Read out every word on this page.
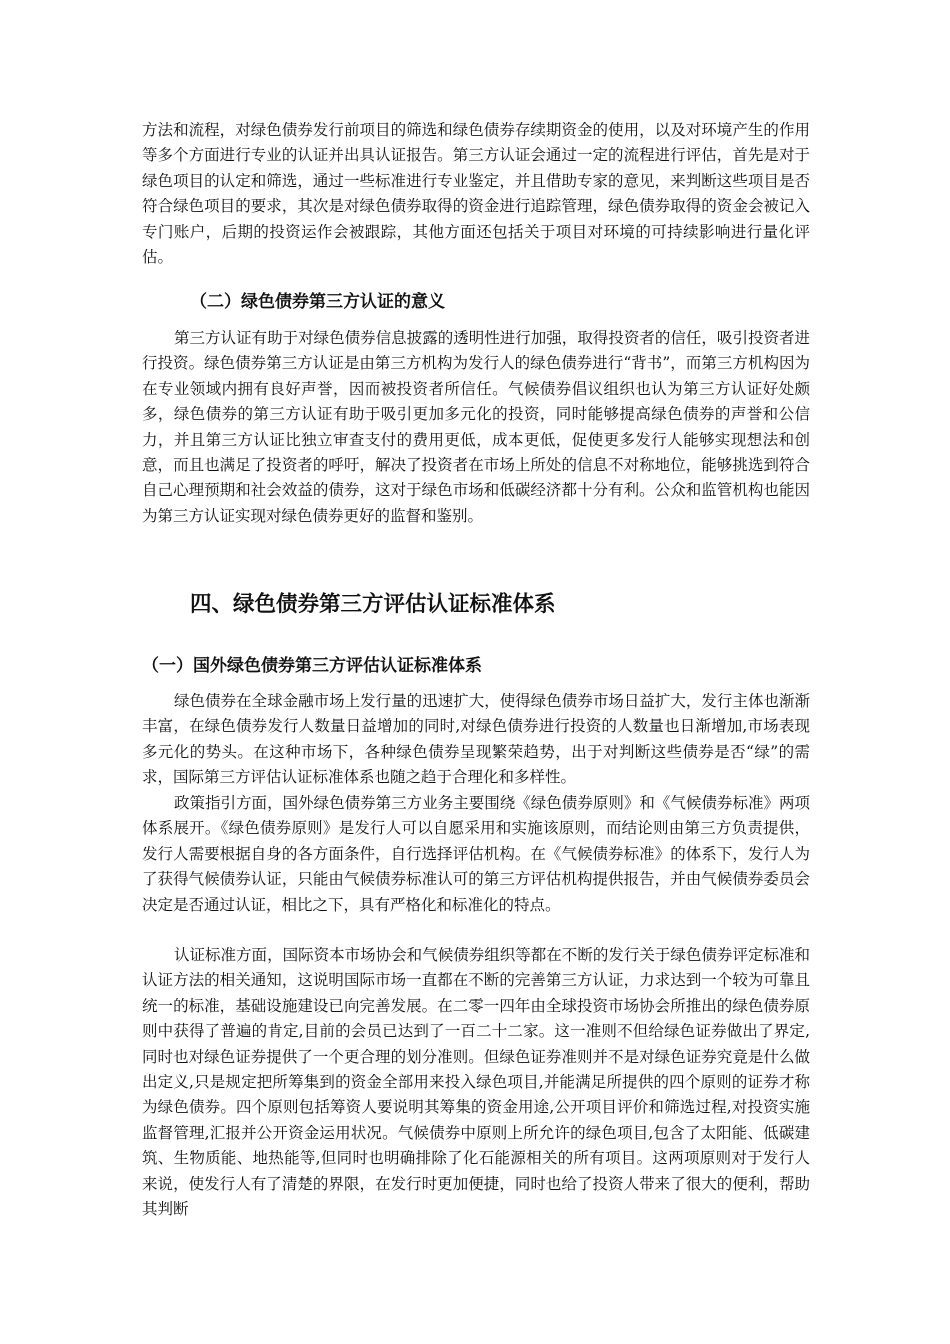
方法和流程，对绿色债券发行前项目的筛选和绿色债券存续期资金的使用，以及对环境产生的作用等多个方面进行专业的认证并出具认证报告。第三方认证会通过一定的流程进行评估，首先是对于绿色项目的认定和筛选，通过一些标准进行专业鉴定，并且借助专家的意见，来判断这些项目是否符合绿色项目的要求，其次是对绿色债券取得的资金进行追踪管理，绿色债券取得的资金会被记入专门账户，后期的投资运作会被跟踪，其他方面还包括关于项目对环境的可持续影响进行量化评估。

（二）绿色债券第三方认证的意义

第三方认证有助于对绿色债券信息披露的透明性进行加强，取得投资者的信任，吸引投资者进行投资。绿色债券第三方认证是由第三方机构为发行人的绿色债券进行“背书”，而第三方机构因为在专业领域内拥有良好声誉，因而被投资者所信任。气候债券倡议组织也认为第三方认证好处颇多，绿色债券的第三方认证有助于吸引更加多元化的投资，同时能够提高绿色债券的声誉和公信力，并且第三方认证比独立审查支付的费用更低，成本更低，促使更多发行人能够实现想法和创意，而且也满足了投资者的呼吁，解决了投资者在市场上所处的信息不对称地位，能够挑选到符合自己心理预期和社会效益的债券，这对于绿色市场和低碳经济都十分有利。公众和监管机构也能因为第三方认证实现对绿色债券更好的监督和鉴别。

四、绿色债券第三方评估认证标准体系
（一）国外绿色债券第三方评估认证标准体系

绿色债券在全球金融市场上发行量的迅速扩大，使得绿色债券市场日益扩大，发行主体也渐渐丰富，在绿色债券发行人数量日益增加的同时,对绿色债券进行投资的人数量也日渐增加,市场表现多元化的势头。在这种市场下，各种绿色债券呈现繁荣趋势，出于对判断这些债券是否“绿”的需求，国际第三方评估认证标准体系也随之趋于合理化和多样性。

政策指引方面，国外绿色债券第三方业务主要围绕《绿色债券原则》和《气候债券标准》两项体系展开。《绿色债券原则》是发行人可以自愿采用和实施该原则，而结论则由第三方负责提供，发行人需要根据自身的各方面条件，自行选择评估机构。在《气候债券标准》的体系下，发行人为了获得气候债券认证，只能由气候债券标准认可的第三方评估机构提供报告，并由气候债券委员会决定是否通过认证，相比之下，具有严格化和标准化的特点。

认证标准方面，国际资本市场协会和气候债券组织等都在不断的发行关于绿色债券评定标准和认证方法的相关通知，这说明国际市场一直都在不断的完善第三方认证，力求达到一个较为可靠且统一的标准，基础设施建设已向完善发展。在二零一四年由全球投资市场协会所推出的绿色债券原则中获得了普遍的肯定,目前的会员已达到了一百二十二家。这一准则不但给绿色证券做出了界定,同时也对绿色证券提供了一个更合理的划分准则。但绿色证券准则并不是对绿色证券究竟是什么做出定义,只是规定把所筹集到的资金全部用来投入绿色项目,并能满足所提供的四个原则的证券才称为绿色债券。四个原则包括筹资人要说明其筹集的资金用途,公开项目评价和筛选过程,对投资实施监督管理,汇报并公开资金运用状况。气候债券中原则上所允许的绿色项目,包含了太阳能、低碳建筑、生物质能、地热能等,但同时也明确排除了化石能源相关的所有项目。这两项原则对于发行人来说，使发行人有了清楚的界限，在发行时更加便捷，同时也给了投资人带来了很大的便利，帮助其判断
